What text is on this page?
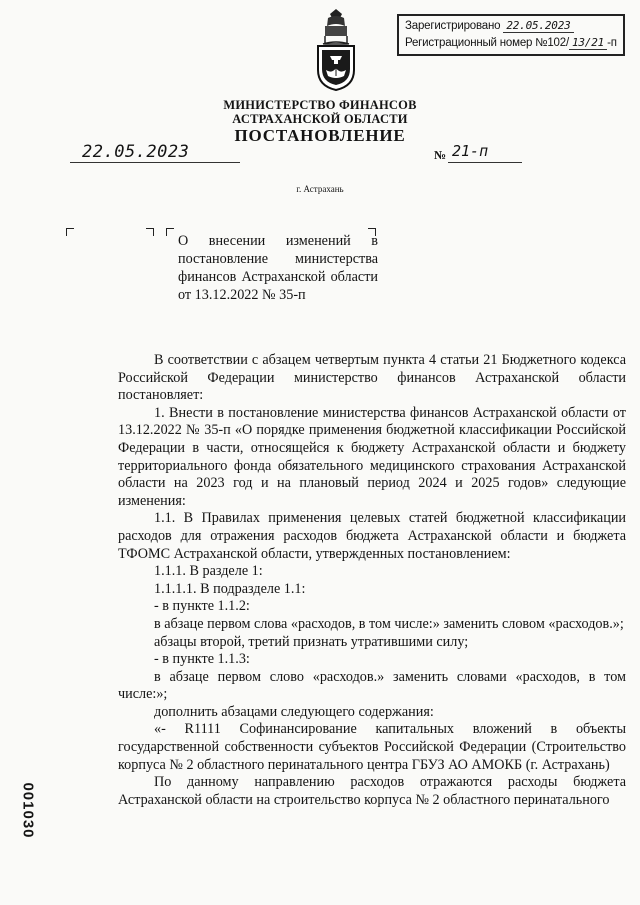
Зарегистрировано 22.05.2023
Регистрационный номер №102/ 13/21 -п
МИНИСТЕРСТВО ФИНАНСОВ
АСТРАХАНСКОЙ ОБЛАСТИ
ПОСТАНОВЛЕНИЕ
22.05.2023	№ 21-п
г. Астрахань
О внесении изменений в постановление министерства финансов Астраханской области от 13.12.2022 № 35-п

В соответствии с абзацем четвертым пункта 4 статьи 21 Бюджетного кодекса Российской Федерации министерство финансов Астраханской области постановляет:

1. Внести в постановление министерства финансов Астраханской области от 13.12.2022 № 35-п «О порядке применения бюджетной классификации Российской Федерации в части, относящейся к бюджету Астраханской области и бюджету территориального фонда обязательного медицинского страхования Астраханской области на 2023 год и на плановый период 2024 и 2025 годов» следующие изменения:

1.1. В Правилах применения целевых статей бюджетной классификации расходов для отражения расходов бюджета Астраханской области и бюджета ТФОМС Астраханской области, утвержденных постановлением:

1.1.1. В разделе 1:

1.1.1.1. В подразделе 1.1:

- в пункте 1.1.2:

в абзаце первом слова «расходов, в том числе:» заменить словом «расходов.»;

абзацы второй, третий признать утратившими силу;

- в пункте 1.1.3:

в абзаце первом слово «расходов.» заменить словами «расходов, в том числе:»;

дополнить абзацами следующего содержания:

«- R1111 Софинансирование капитальных вложений в объекты государственной собственности субъектов Российской Федерации (Строительство корпуса № 2 областного перинатального центра ГБУЗ АО АМОКБ (г. Астрахань)

По данному направлению расходов отражаются расходы бюджета Астраханской области на строительство корпуса № 2 областного перинатального

001030
